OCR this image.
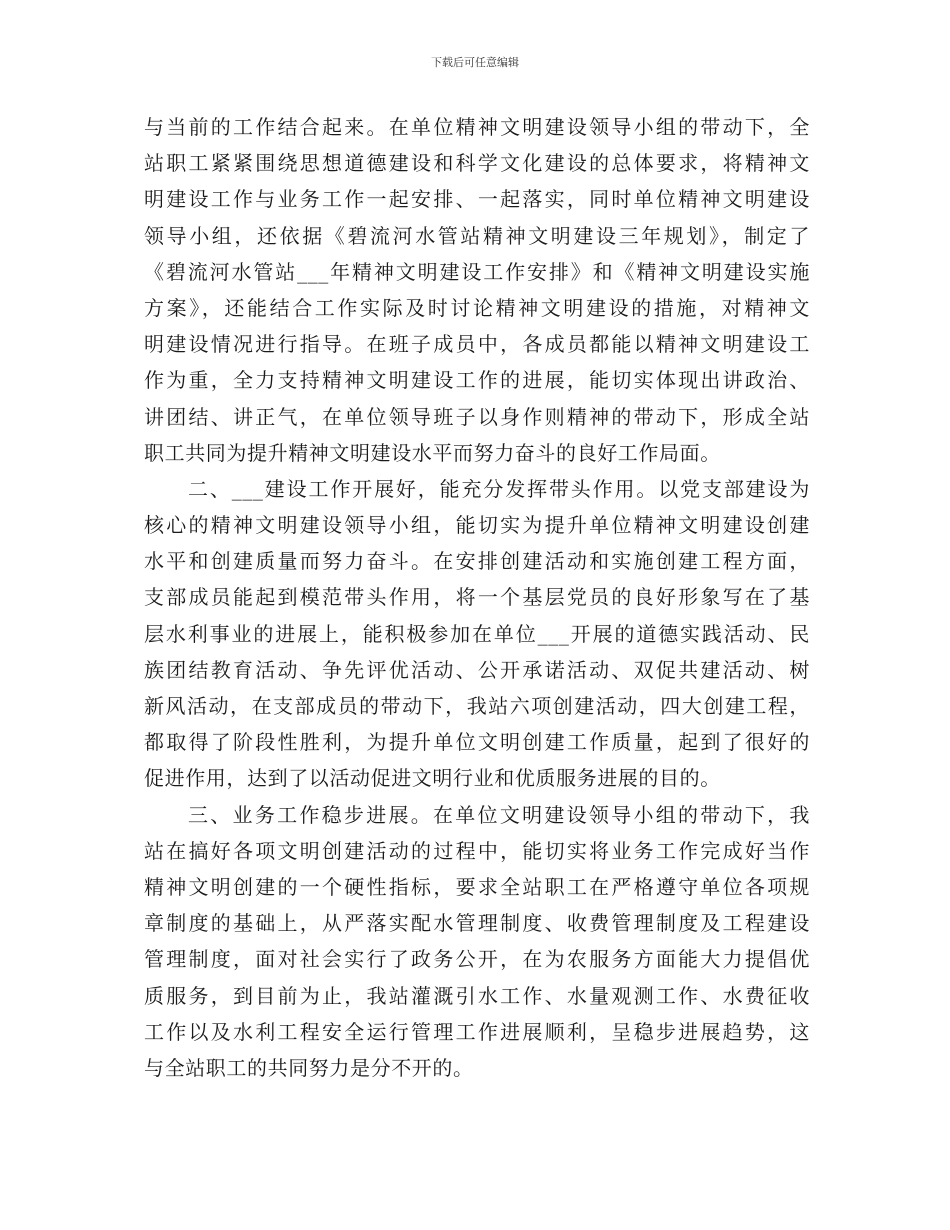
下载后可任意编辑
与当前的工作结合起来。在单位精神文明建设领导小组的带动下，全
站职工紧紧围绕思想道德建设和科学文化建设的总体要求，将精神文
明建设工作与业务工作一起安排、一起落实，同时单位精神文明建设
领导小组，还依据《碧流河水管站精神文明建设三年规划》，制定了
《碧流河水管站___年精神文明建设工作安排》和《精神文明建设实施
方案》，还能结合工作实际及时讨论精神文明建设的措施，对精神文
明建设情况进行指导。在班子成员中，各成员都能以精神文明建设工
作为重，全力支持精神文明建设工作的进展，能切实体现出讲政治、
讲团结、讲正气，在单位领导班子以身作则精神的带动下，形成全站
职工共同为提升精神文明建设水平而努力奋斗的良好工作局面。
二、___建设工作开展好，能充分发挥带头作用。以党支部建设为
核心的精神文明建设领导小组，能切实为提升单位精神文明建设创建
水平和创建质量而努力奋斗。在安排创建活动和实施创建工程方面，
支部成员能起到模范带头作用，将一个基层党员的良好形象写在了基
层水利事业的进展上，能积极参加在单位___开展的道德实践活动、民
族团结教育活动、争先评优活动、公开承诺活动、双促共建活动、树
新风活动，在支部成员的带动下，我站六项创建活动，四大创建工程，
都取得了阶段性胜利，为提升单位文明创建工作质量，起到了很好的
促进作用，达到了以活动促进文明行业和优质服务进展的目的。
三、业务工作稳步进展。在单位文明建设领导小组的带动下，我
站在搞好各项文明创建活动的过程中，能切实将业务工作完成好当作
精神文明创建的一个硬性指标，要求全站职工在严格遵守单位各项规
章制度的基础上，从严落实配水管理制度、收费管理制度及工程建设
管理制度，面对社会实行了政务公开，在为农服务方面能大力提倡优
质服务，到目前为止，我站灌溉引水工作、水量观测工作、水费征收
工作以及水利工程安全运行管理工作进展顺利，呈稳步进展趋势，这
与全站职工的共同努力是分不开的。
